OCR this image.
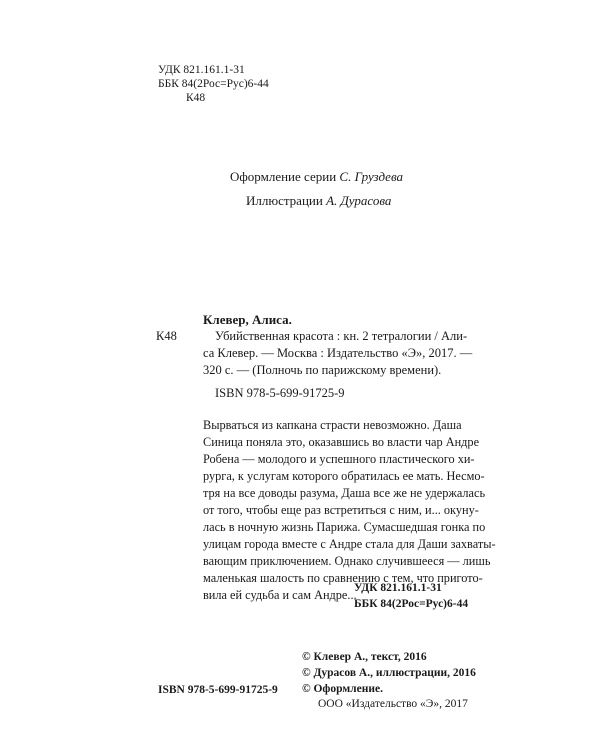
УДК 821.161.1-31
ББК 84(2Рос=Рус)6-44
К48
Оформление серии С. Груздева
Иллюстрации А. Дурасова
Клевер, Алиса.
К48	Убийственная красота : кн. 2 тетралогии / Али-
са Клевер. — Москва : Издательство «Э», 2017. —
320 с. — (Полночь по парижскому времени).
ISBN 978-5-699-91725-9
Вырваться из капкана страсти невозможно. Даша
Синица поняла это, оказавшись во власти чар Андре
Робена — молодого и успешного пластического хи-
рурга, к услугам которого обратилась ее мать. Несмо-
тря на все доводы разума, Даша все же не удержалась
от того, чтобы еще раз встретиться с ним, и... окуну-
лась в ночную жизнь Парижа. Сумасшедшая гонка по
улицам города вместе с Андре стала для Даши захваты-
вающим приключением. Однако случившееся — лишь
маленькая шалость по сравнению с тем, что пригото-
вила ей судьба и сам Андре...
УДК 821.161.1-31
ББК 84(2Рос=Рус)6-44
© Клевер А., текст, 2016
© Дурасов А., иллюстрации, 2016
© Оформление.
ООО «Издательство «Э», 2017
ISBN 978-5-699-91725-9
